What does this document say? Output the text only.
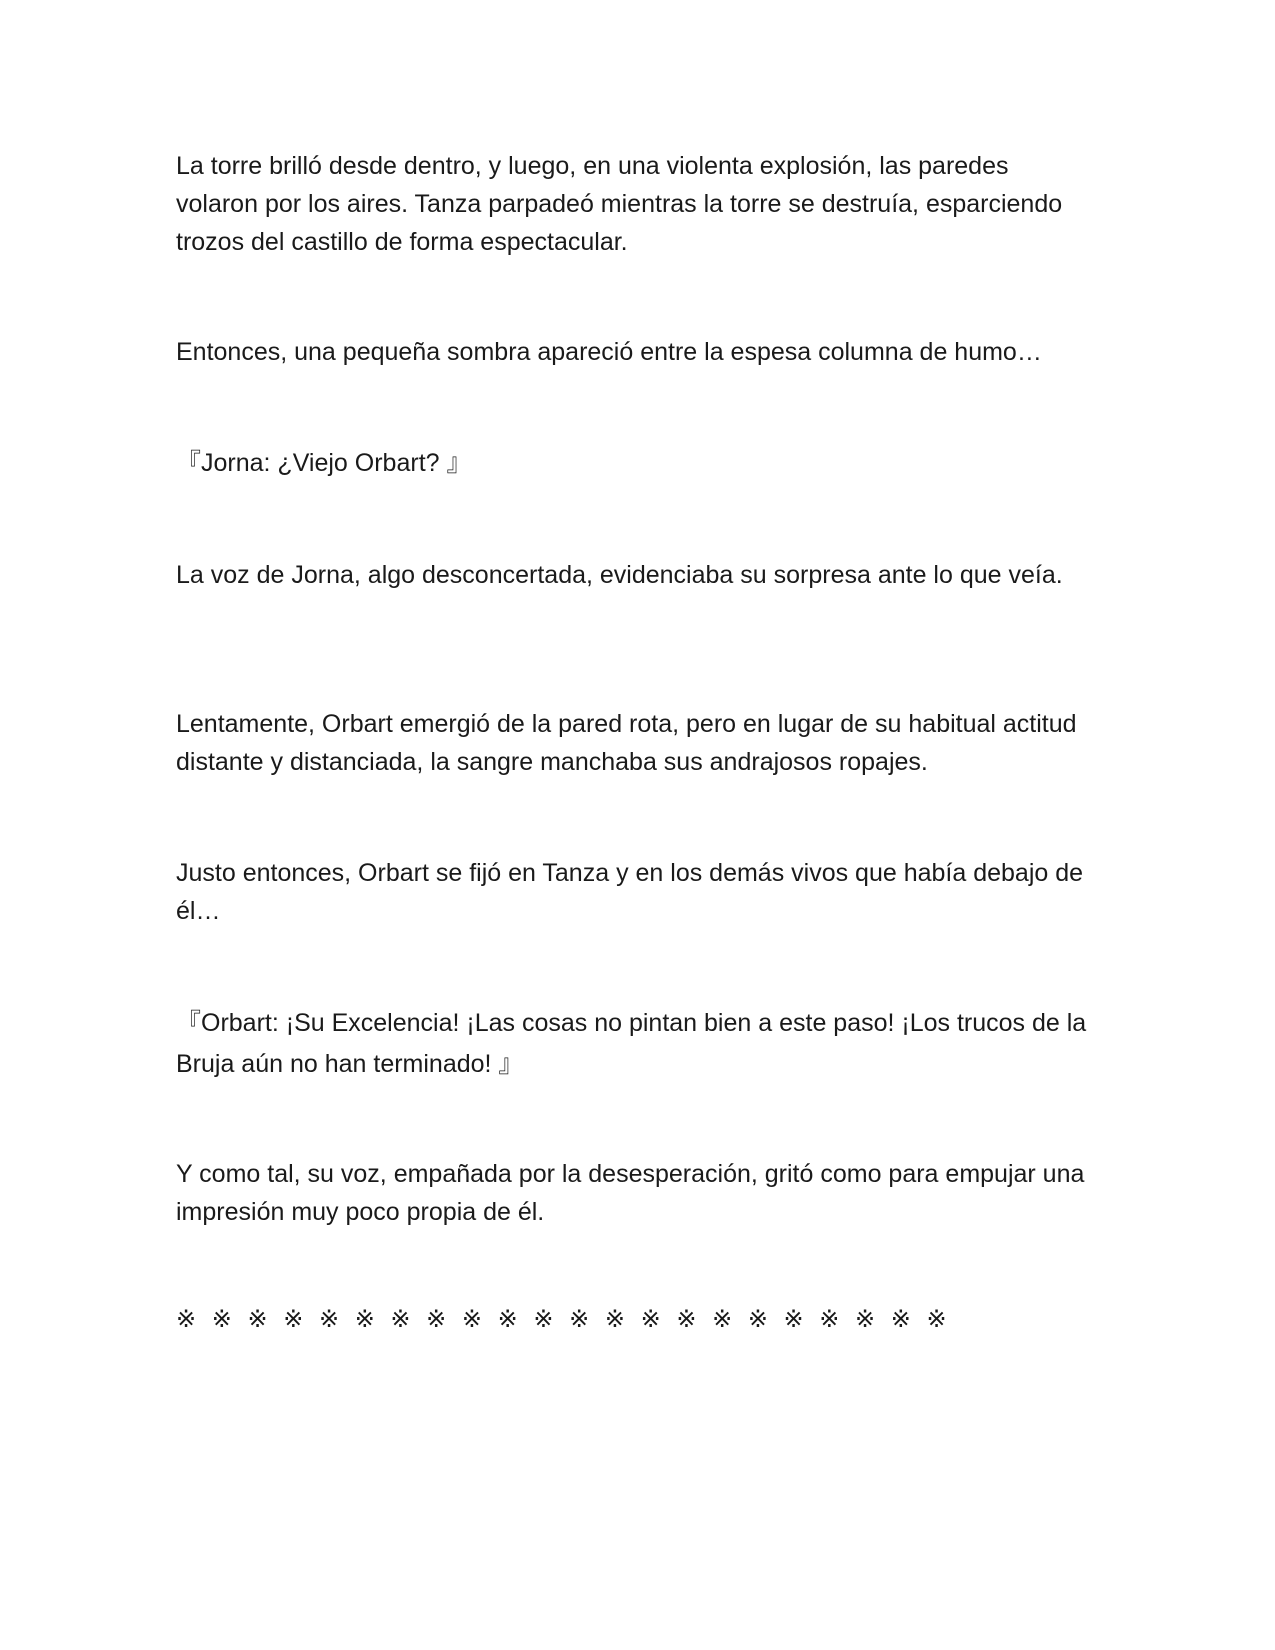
La torre brilló desde dentro, y luego, en una violenta explosión, las paredes volaron por los aires. Tanza parpadeó mientras la torre se destruía, esparciendo trozos del castillo de forma espectacular.

Entonces, una pequeña sombra apareció entre la espesa columna de humo…

『Jorna: ¿Viejo Orbart? 』

La voz de Jorna, algo desconcertada, evidenciaba su sorpresa ante lo que veía.

Lentamente, Orbart emergió de la pared rota, pero en lugar de su habitual actitud distante y distanciada, la sangre manchaba sus andrajosos ropajes.

Justo entonces, Orbart se fijó en Tanza y en los demás vivos que había debajo de él…

『Orbart: ¡Su Excelencia! ¡Las cosas no pintan bien a este paso! ¡Los trucos de la Bruja aún no han terminado! 』

Y como tal, su voz, empañada por la desesperación, gritó como para empujar una impresión muy poco propia de él.

※ ※ ※ ※ ※ ※ ※ ※ ※ ※ ※ ※ ※ ※ ※ ※ ※ ※ ※ ※ ※ ※
